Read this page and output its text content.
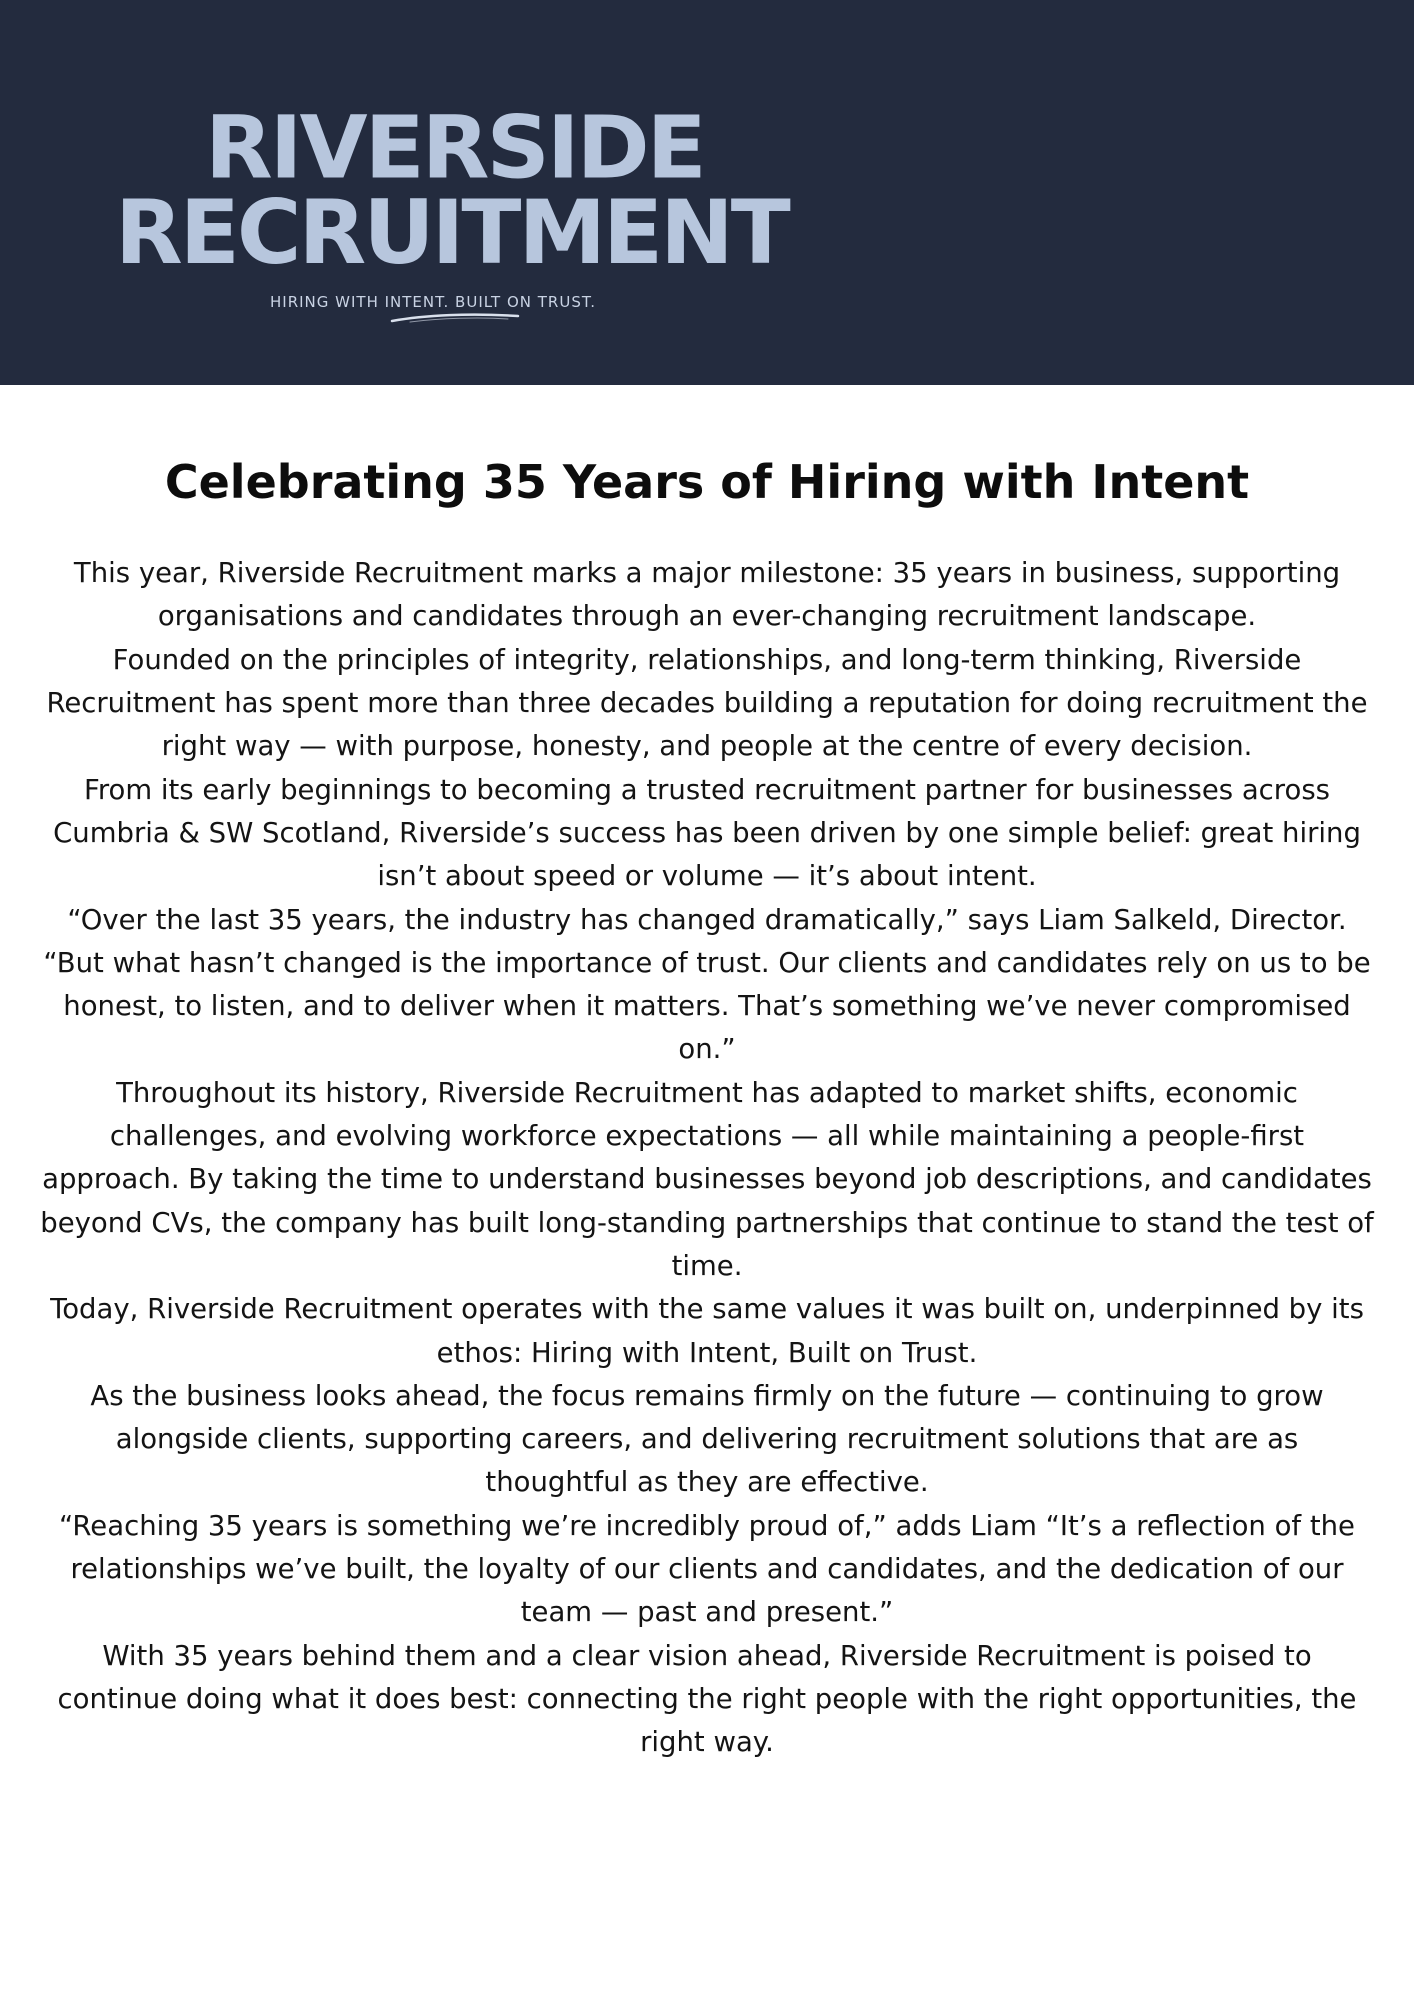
RIVERSIDE
RECRUITMENT
HIRING WITH INTENT. BUILT ON TRUST.
Celebrating 35 Years of Hiring with Intent

This year, Riverside Recruitment marks a major milestone: 35 years in business, supporting organisations and candidates through an ever-changing recruitment landscape.

Founded on the principles of integrity, relationships, and long-term thinking, Riverside Recruitment has spent more than three decades building a reputation for doing recruitment the right way — with purpose, honesty, and people at the centre of every decision.

From its early beginnings to becoming a trusted recruitment partner for businesses across Cumbria & SW Scotland, Riverside’s success has been driven by one simple belief: great hiring isn’t about speed or volume — it’s about intent.

“Over the last 35 years, the industry has changed dramatically,” says Liam Salkeld, Director. “But what hasn’t changed is the importance of trust. Our clients and candidates rely on us to be honest, to listen, and to deliver when it matters. That’s something we’ve never compromised on.”

Throughout its history, Riverside Recruitment has adapted to market shifts, economic challenges, and evolving workforce expectations — all while maintaining a people-first approach. By taking the time to understand businesses beyond job descriptions, and candidates beyond CVs, the company has built long-standing partnerships that continue to stand the test of time.

Today, Riverside Recruitment operates with the same values it was built on, underpinned by its ethos: Hiring with Intent, Built on Trust.

As the business looks ahead, the focus remains firmly on the future — continuing to grow alongside clients, supporting careers, and delivering recruitment solutions that are as thoughtful as they are effective.

“Reaching 35 years is something we’re incredibly proud of,” adds Liam “It’s a reflection of the relationships we’ve built, the loyalty of our clients and candidates, and the dedication of our team — past and present.”

With 35 years behind them and a clear vision ahead, Riverside Recruitment is poised to continue doing what it does best: connecting the right people with the right opportunities, the right way.
